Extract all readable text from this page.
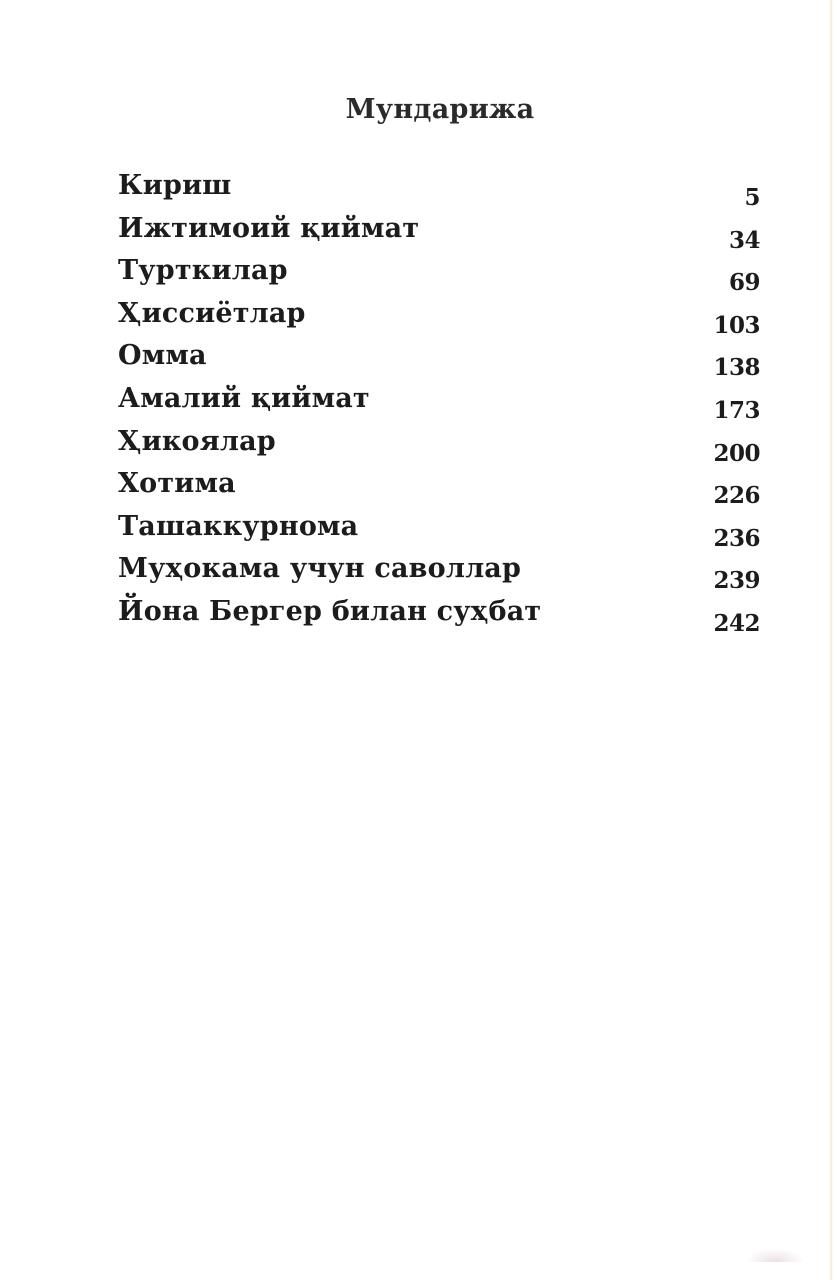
Мундарижа
Кириш	5
Ижтимоий қиймат	34
Турткилар	69
Ҳиссиётлар	103
Омма	138
Амалий қиймат	173
Ҳикоялар	200
Хотима	226
Ташаккурнома	236
Муҳокама учун саволлар	239
Йона Бергер билан суҳбат	242
